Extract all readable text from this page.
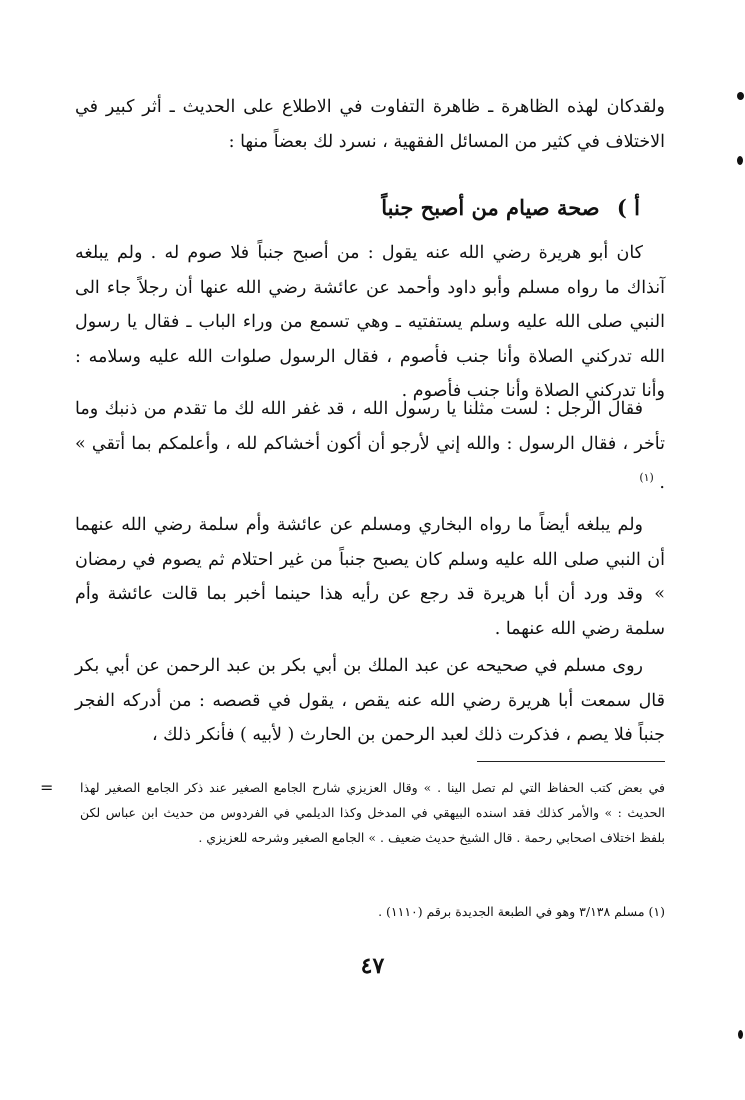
ولقدكان لهذه الظاهرة ـ ظاهرة التفاوت في الاطلاع على الحديث ـ أثر كبير في الاختلاف في كثير من المسائل الفقهية ، نسرد لك بعضاً منها :

أ ) صحة صيام من أصبح جنباً

كان أبو هريرة رضي الله عنه يقول : من أصبح جنباً فلا صوم له . ولم يبلغه آنذاك ما رواه مسلم وأبو داود وأحمد عن عائشة رضي الله عنها أن رجلاً جاء الى النبي صلى الله عليه وسلم يستفتيه ـ وهي تسمع من وراء الباب ـ فقال يا رسول الله تدركني الصلاة وأنا جنب فأصوم ، فقال الرسول صلوات الله عليه وسلامه : وأنا تدركني الصلاة وأنا جنب فأصوم .

فقال الرجل : لست مثلنا يا رسول الله ، قد غفر الله لك ما تقدم من ذنبك وما تأخر ، فقال الرسول : والله إني لأرجو أن أكون أخشاكم لله ، وأعلمكم بما أتقي » . $^{(١)}$

ولم يبلغه أيضاً ما رواه البخاري ومسلم عن عائشة وأم سلمة رضي الله عنهما أن النبي صلى الله عليه وسلم كان يصبح جنباً من غير احتلام ثم يصوم في رمضان »

وقد ورد أن أبا هريرة قد رجع عن رأيه هذا حينما أخبر بما قالت عائشة وأم سلمة رضي الله عنهما .

روى مسلم في صحيحه عن عبد الملك بن أبي بكر بن عبد الرحمن عن أبي بكر قال سمعت أبا هريرة رضي الله عنه يقص ، يقول في قصصه : من أدركه الفجر جنباً فلا يصم ، فذكرت ذلك لعبد الرحمن بن الحارث ( لأبيه ) فأنكر ذلك ،

= في بعض كتب الحفاظ التي لم تصل الينا . » وقال العزيزي شارح الجامع الصغير عند ذكر الجامع الصغير لهذا الحديث : » والأمر كذلك فقد اسنده البيهقي في المدخل وكذا الديلمي في الفردوس من حديث ابن عباس لكن بلفظ اختلاف اصحابي رحمة . قال الشيخ حديث ضعيف . » الجامع الصغير وشرحه للعزيزي .

(١) مسلم ٣/١٣٨ وهو في الطبعة الجديدة برقم (١١١٠) .

٤٧
